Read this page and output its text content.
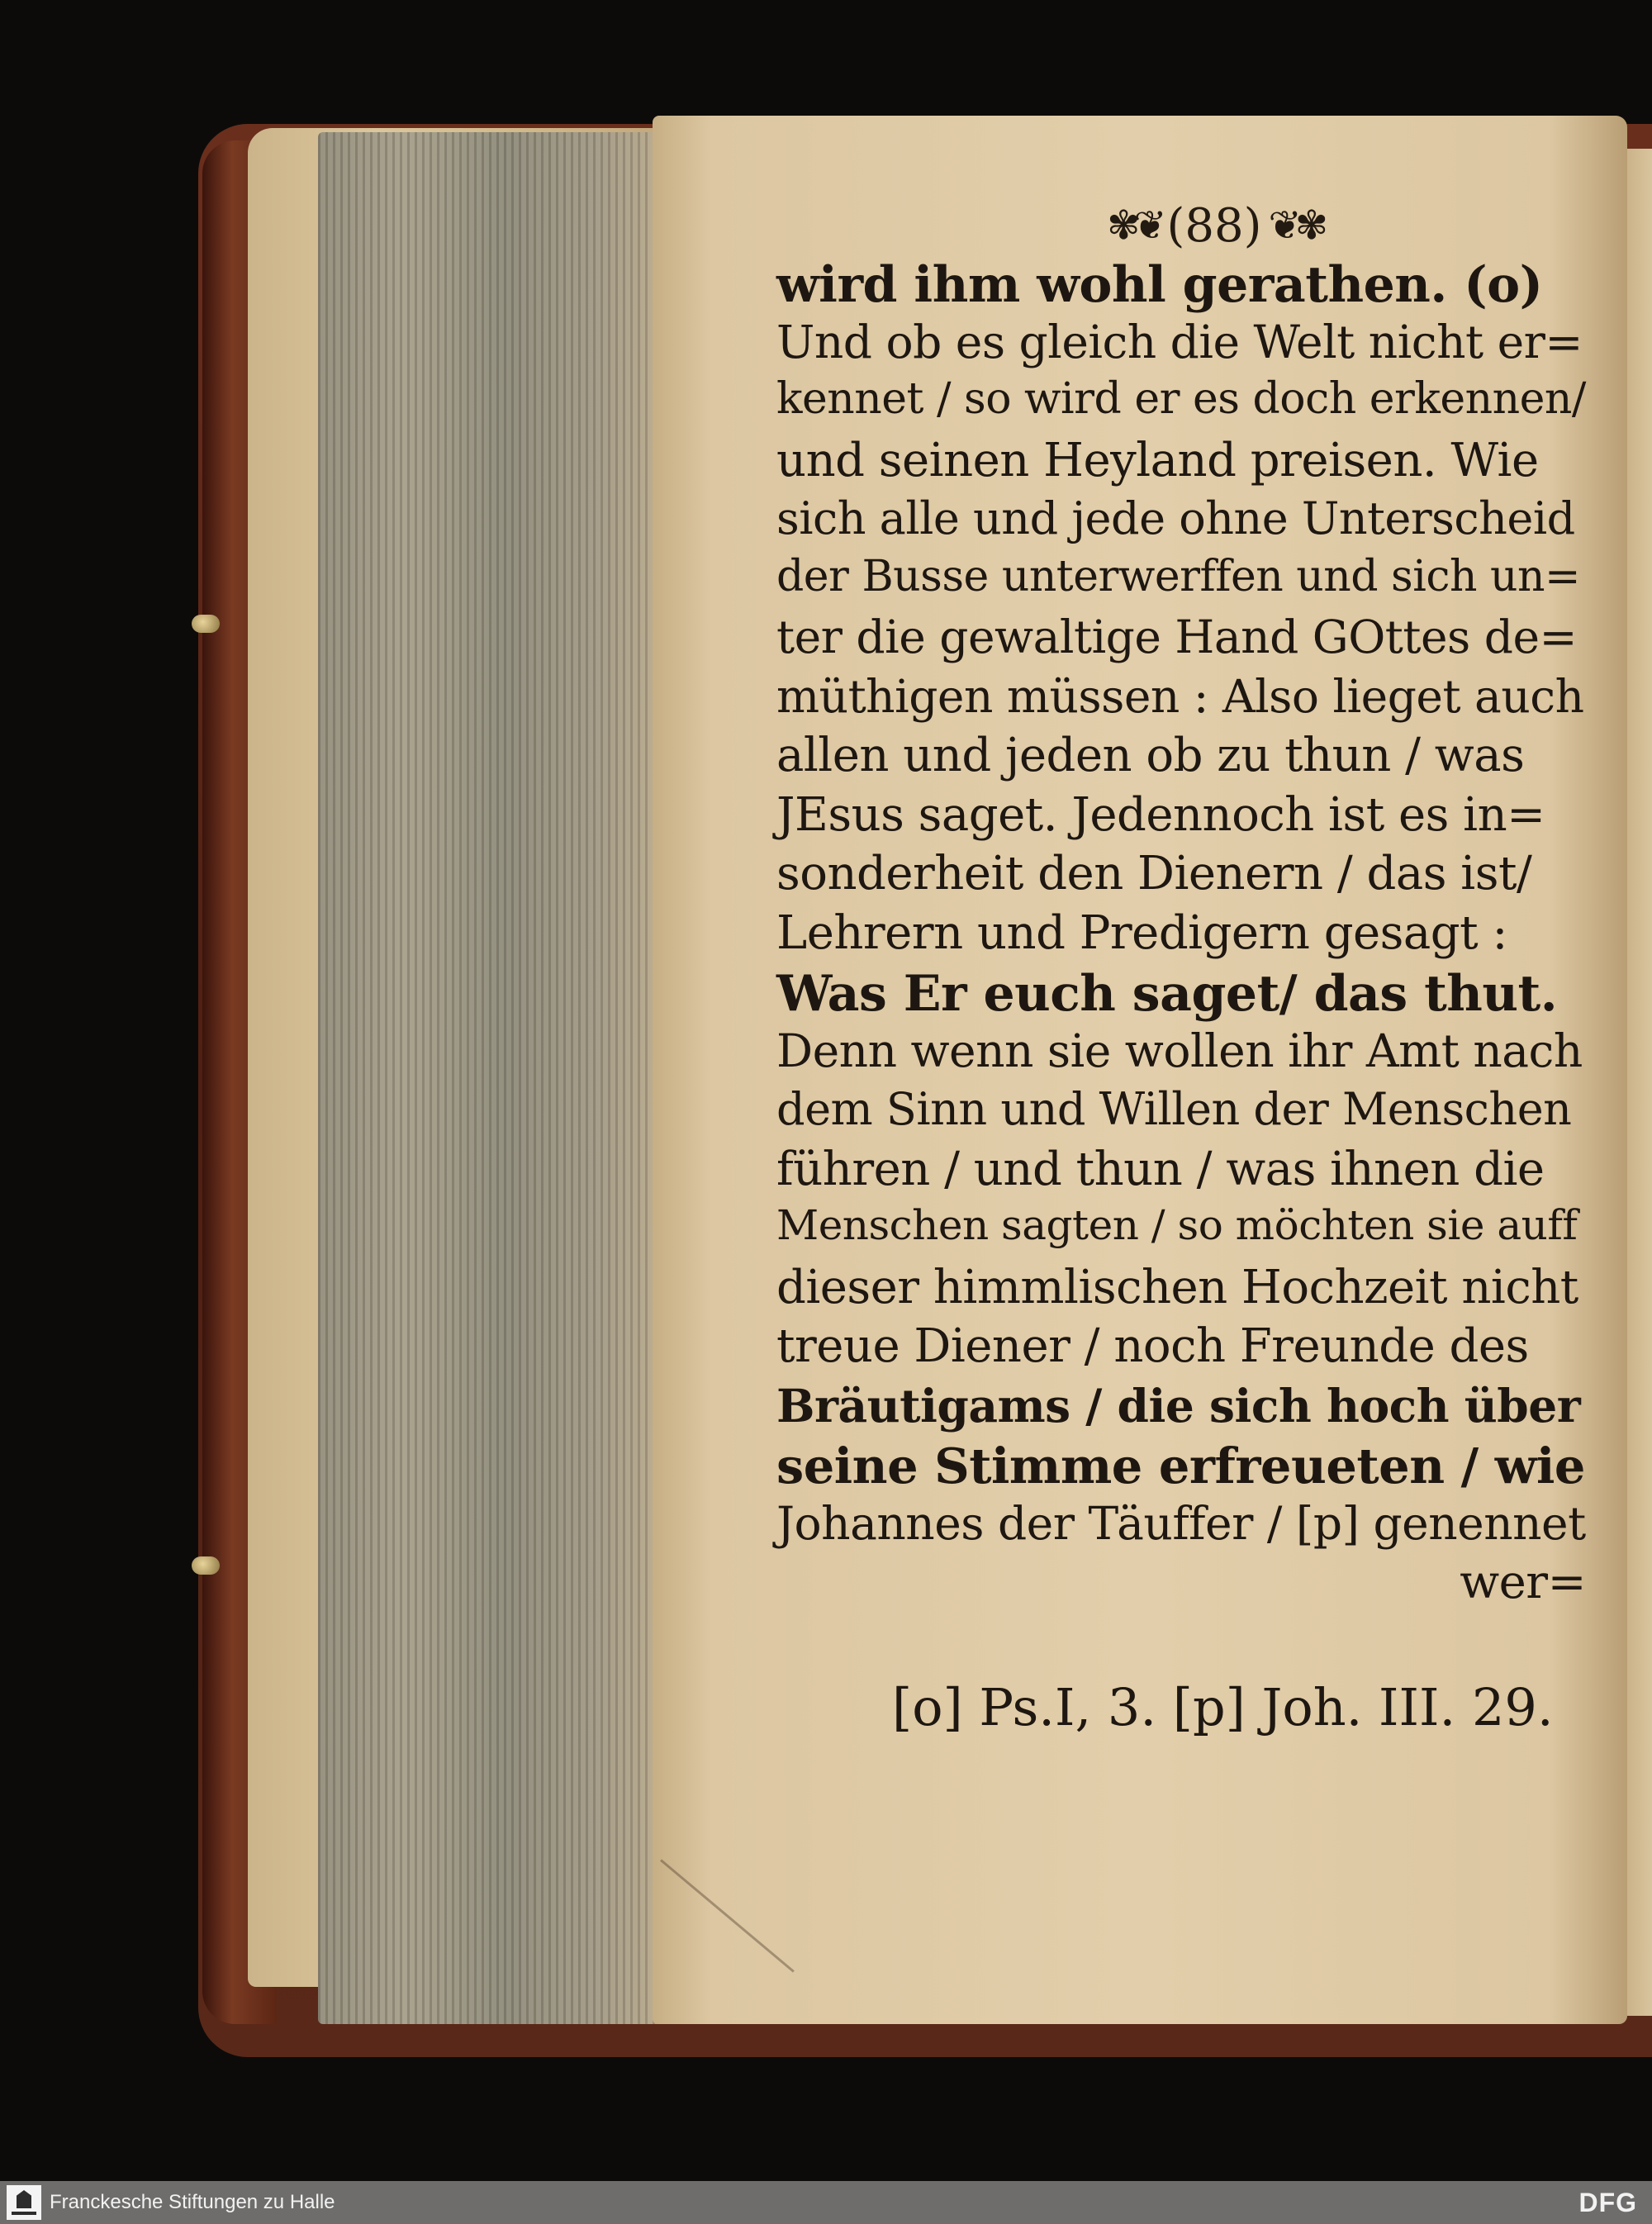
✾❦ (88) ❦✾
wird ihm wohl gerathen. (o)
Und ob es gleich die Welt nicht er=
kennet / so wird er es doch erkennen/
und seinen Heyland preisen. Wie
sich alle und jede ohne Unterscheid
der Busse unterwerffen und sich un=
ter die gewaltige Hand GOttes de=
müthigen müssen : Also lieget auch
allen und jeden ob zu thun / was
JEsus saget. Jedennoch ist es in=
sonderheit den Dienern / das ist/
Lehrern und Predigern gesagt :
Was Er euch saget/ das thut.
Denn wenn sie wollen ihr Amt nach
dem Sinn und Willen der Menschen
führen / und thun / was ihnen die
Menschen sagten / so möchten sie auff
dieser himmlischen Hochzeit nicht
treue Diener / noch Freunde des
Bräutigams / die sich hoch über
seine Stimme erfreueten / wie
Johannes der Täuffer / [p] genennet
wer=
[o] Ps.I, 3. [p] Joh. III. 29.
Franckesche Stiftungen zu Halle	DFG
